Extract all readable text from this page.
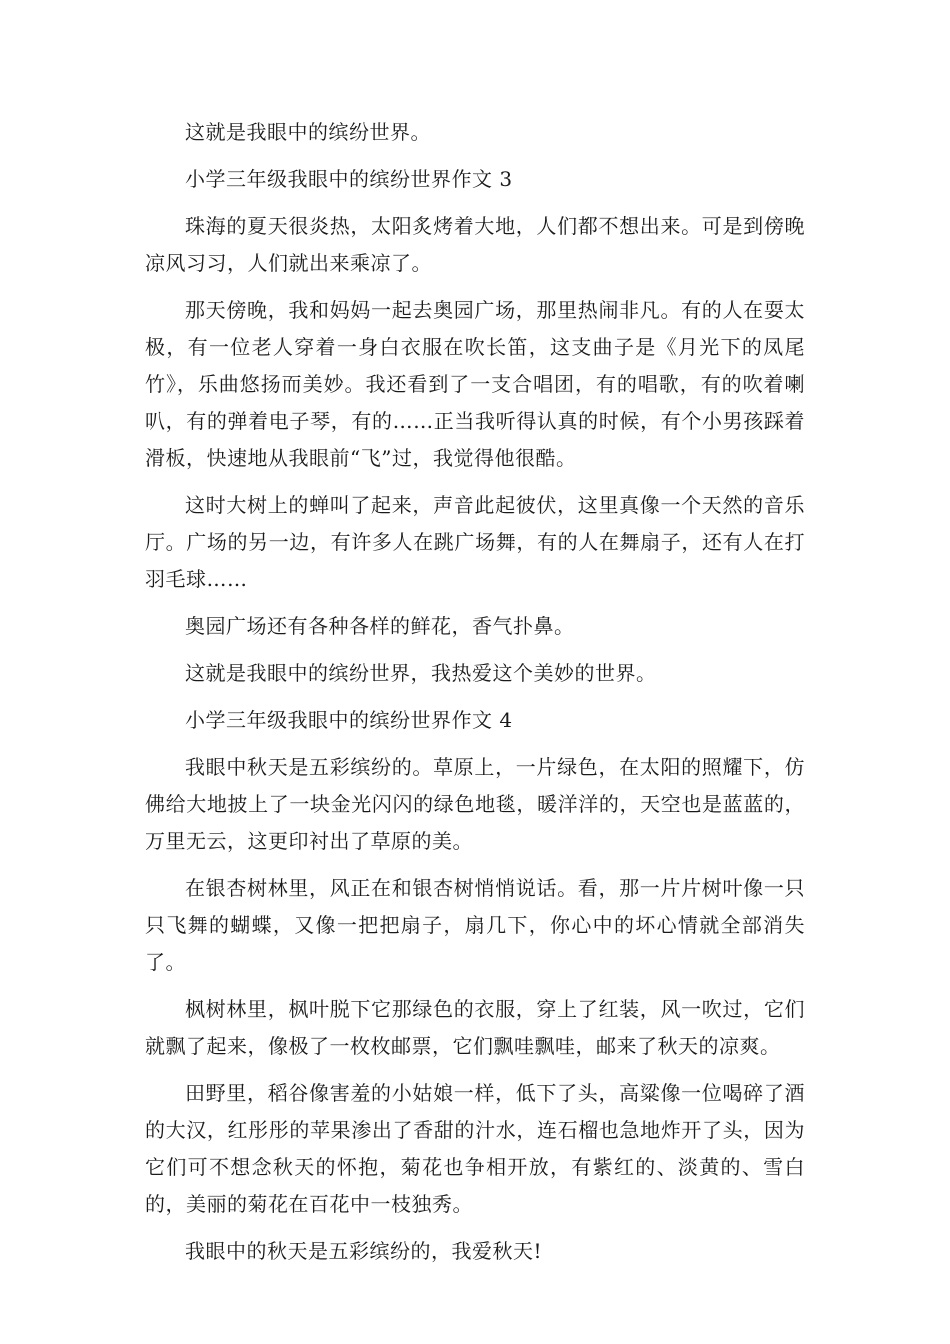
这就是我眼中的缤纷世界。

小学三年级我眼中的缤纷世界作文 3

珠海的夏天很炎热，太阳炙烤着大地，人们都不想出来。可是到傍晚凉风习习，人们就出来乘凉了。

那天傍晚，我和妈妈一起去奥园广场，那里热闹非凡。有的人在耍太极，有一位老人穿着一身白衣服在吹长笛，这支曲子是《月光下的凤尾竹》，乐曲悠扬而美妙。我还看到了一支合唱团，有的唱歌，有的吹着喇叭，有的弹着电子琴，有的……正当我听得认真的时候，有个小男孩踩着滑板，快速地从我眼前“飞”过，我觉得他很酷。

这时大树上的蝉叫了起来，声音此起彼伏，这里真像一个天然的音乐厅。广场的另一边，有许多人在跳广场舞，有的人在舞扇子，还有人在打羽毛球……

奥园广场还有各种各样的鲜花，香气扑鼻。

这就是我眼中的缤纷世界，我热爱这个美妙的世界。

小学三年级我眼中的缤纷世界作文 4

我眼中秋天是五彩缤纷的。草原上，一片绿色，在太阳的照耀下，仿佛给大地披上了一块金光闪闪的绿色地毯，暖洋洋的，天空也是蓝蓝的，万里无云，这更印衬出了草原的美。

在银杏树林里，风正在和银杏树悄悄说话。看，那一片片树叶像一只只飞舞的蝴蝶，又像一把把扇子，扇几下，你心中的坏心情就全部消失了。

枫树林里，枫叶脱下它那绿色的衣服，穿上了红装，风一吹过，它们就飘了起来，像极了一枚枚邮票，它们飘哇飘哇，邮来了秋天的凉爽。

田野里，稻谷像害羞的小姑娘一样，低下了头，高粱像一位喝碎了酒的大汉，红彤彤的苹果渗出了香甜的汁水，连石榴也急地炸开了头，因为它们可不想念秋天的怀抱，菊花也争相开放，有紫红的、淡黄的、雪白的，美丽的菊花在百花中一枝独秀。

我眼中的秋天是五彩缤纷的，我爱秋天!
